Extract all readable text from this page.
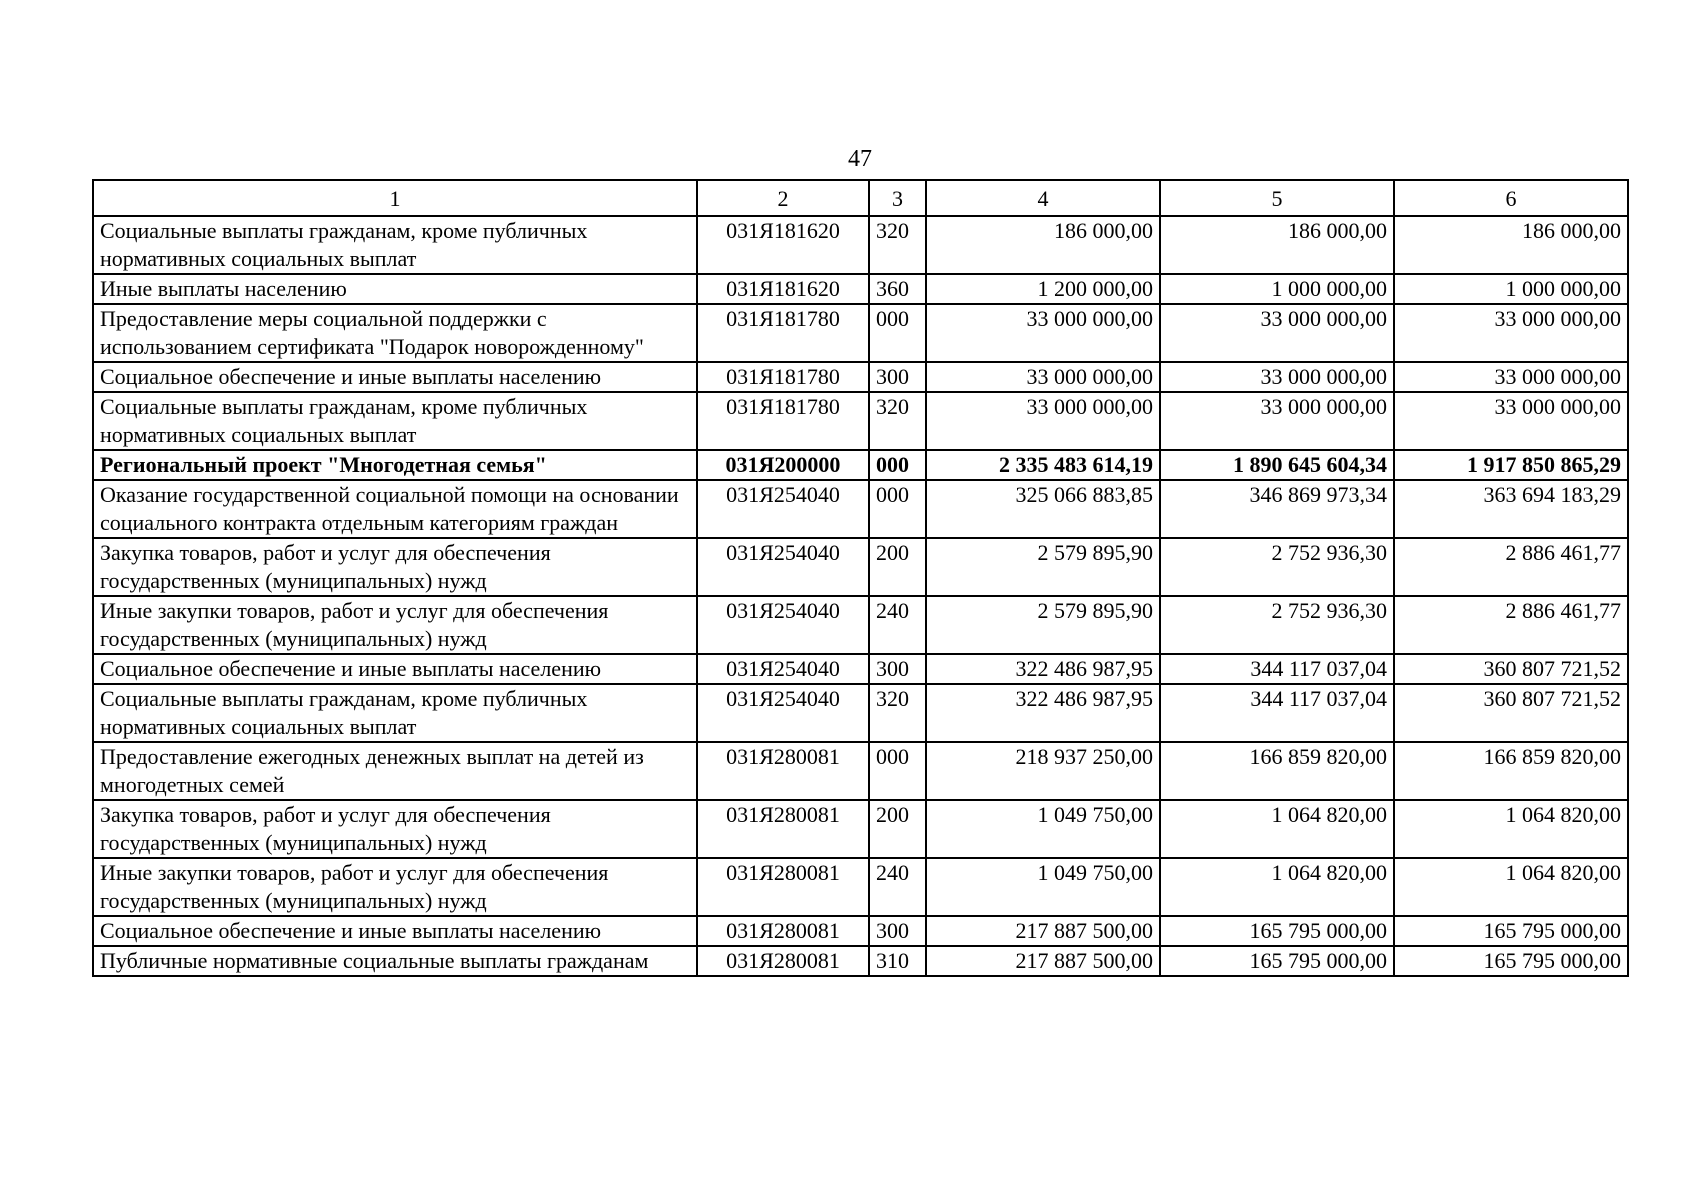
47
1	2	3	4	5	6
Социальные выплаты гражданам, кроме публичных нормативных социальных выплат	031Я181620	320	186 000,00	186 000,00	186 000,00
Иные выплаты населению	031Я181620	360	1 200 000,00	1 000 000,00	1 000 000,00
Предоставление меры социальной поддержки с использованием сертификата "Подарок новорожденному"	031Я181780	000	33 000 000,00	33 000 000,00	33 000 000,00
Социальное обеспечение и иные выплаты населению	031Я181780	300	33 000 000,00	33 000 000,00	33 000 000,00
Социальные выплаты гражданам, кроме публичных нормативных социальных выплат	031Я181780	320	33 000 000,00	33 000 000,00	33 000 000,00
Региональный проект "Многодетная семья"	031Я200000	000	2 335 483 614,19	1 890 645 604,34	1 917 850 865,29
Оказание государственной социальной помощи на основании социального контракта отдельным категориям граждан	031Я254040	000	325 066 883,85	346 869 973,34	363 694 183,29
Закупка товаров, работ и услуг для обеспечения государственных (муниципальных) нужд	031Я254040	200	2 579 895,90	2 752 936,30	2 886 461,77
Иные закупки товаров, работ и услуг для обеспечения государственных (муниципальных) нужд	031Я254040	240	2 579 895,90	2 752 936,30	2 886 461,77
Социальное обеспечение и иные выплаты населению	031Я254040	300	322 486 987,95	344 117 037,04	360 807 721,52
Социальные выплаты гражданам, кроме публичных нормативных социальных выплат	031Я254040	320	322 486 987,95	344 117 037,04	360 807 721,52
Предоставление ежегодных денежных выплат на детей из многодетных семей	031Я280081	000	218 937 250,00	166 859 820,00	166 859 820,00
Закупка товаров, работ и услуг для обеспечения государственных (муниципальных) нужд	031Я280081	200	1 049 750,00	1 064 820,00	1 064 820,00
Иные закупки товаров, работ и услуг для обеспечения государственных (муниципальных) нужд	031Я280081	240	1 049 750,00	1 064 820,00	1 064 820,00
Социальное обеспечение и иные выплаты населению	031Я280081	300	217 887 500,00	165 795 000,00	165 795 000,00
Публичные нормативные социальные выплаты гражданам	031Я280081	310	217 887 500,00	165 795 000,00	165 795 000,00
